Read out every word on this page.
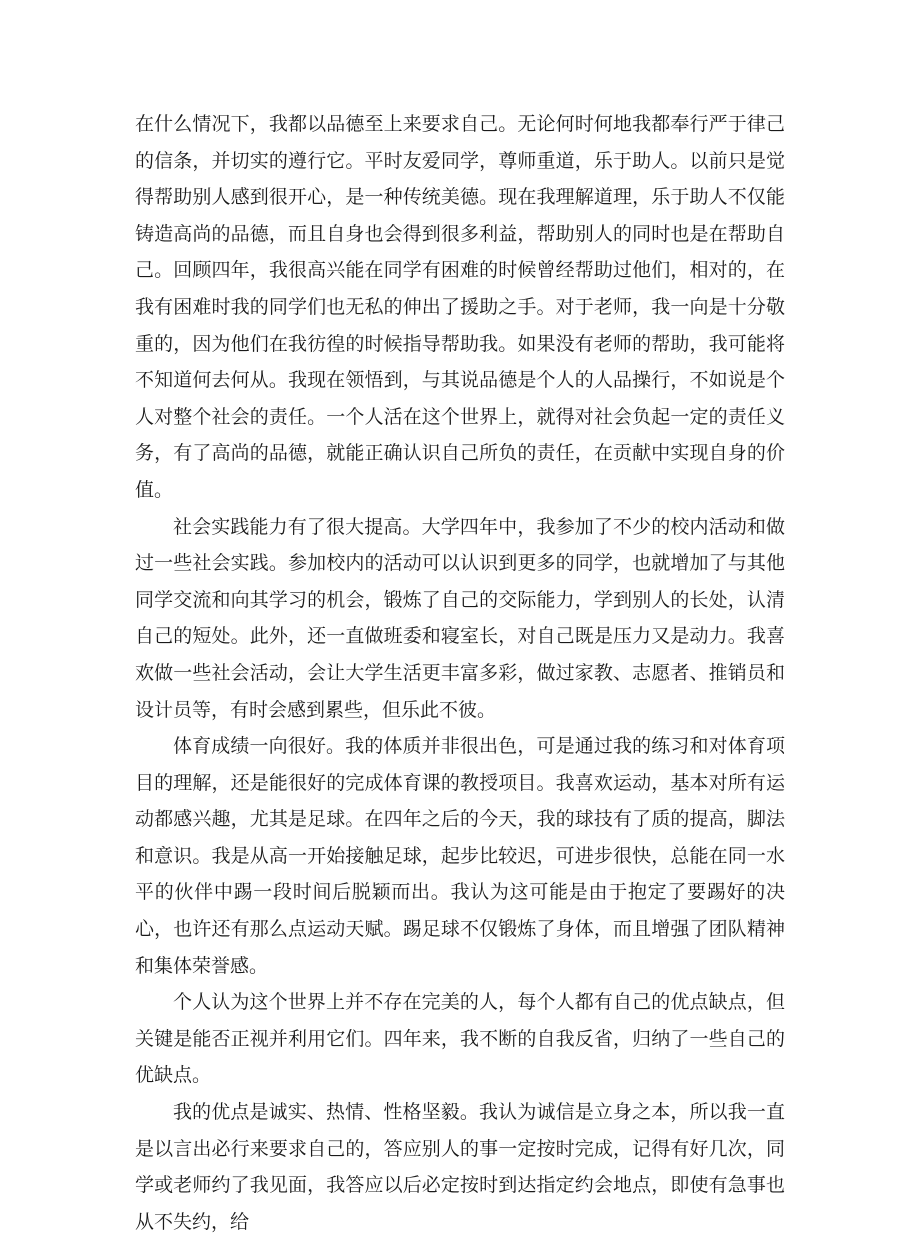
在什么情况下，我都以品德至上来要求自己。无论何时何地我都奉行严于律己的信条，并切实的遵行它。平时友爱同学，尊师重道，乐于助人。以前只是觉得帮助别人感到很开心，是一种传统美德。现在我理解道理，乐于助人不仅能铸造高尚的品德，而且自身也会得到很多利益，帮助别人的同时也是在帮助自己。回顾四年，我很高兴能在同学有困难的时候曾经帮助过他们，相对的，在我有困难时我的同学们也无私的伸出了援助之手。对于老师，我一向是十分敬重的，因为他们在我彷徨的时候指导帮助我。如果没有老师的帮助，我可能将不知道何去何从。我现在领悟到，与其说品德是个人的人品操行，不如说是个人对整个社会的责任。一个人活在这个世界上，就得对社会负起一定的责任义务，有了高尚的品德，就能正确认识自己所负的责任，在贡献中实现自身的价值。

社会实践能力有了很大提高。大学四年中，我参加了不少的校内活动和做过一些社会实践。参加校内的活动可以认识到更多的同学，也就增加了与其他同学交流和向其学习的机会，锻炼了自己的交际能力，学到别人的长处，认清自己的短处。此外，还一直做班委和寝室长，对自己既是压力又是动力。我喜欢做一些社会活动，会让大学生活更丰富多彩，做过家教、志愿者、推销员和设计员等，有时会感到累些，但乐此不彼。

体育成绩一向很好。我的体质并非很出色，可是通过我的练习和对体育项目的理解，还是能很好的完成体育课的教授项目。我喜欢运动，基本对所有运动都感兴趣，尤其是足球。在四年之后的今天，我的球技有了质的提高，脚法和意识。我是从高一开始接触足球，起步比较迟，可进步很快，总能在同一水平的伙伴中踢一段时间后脱颖而出。我认为这可能是由于抱定了要踢好的决心，也许还有那么点运动天赋。踢足球不仅锻炼了身体，而且增强了团队精神和集体荣誉感。

个人认为这个世界上并不存在完美的人，每个人都有自己的优点缺点，但关键是能否正视并利用它们。四年来，我不断的自我反省，归纳了一些自己的优缺点。

我的优点是诚实、热情、性格坚毅。我认为诚信是立身之本，所以我一直是以言出必行来要求自己的，答应别人的事一定按时完成，记得有好几次，同学或老师约了我见面，我答应以后必定按时到达指定约会地点，即使有急事也从不失约，给
